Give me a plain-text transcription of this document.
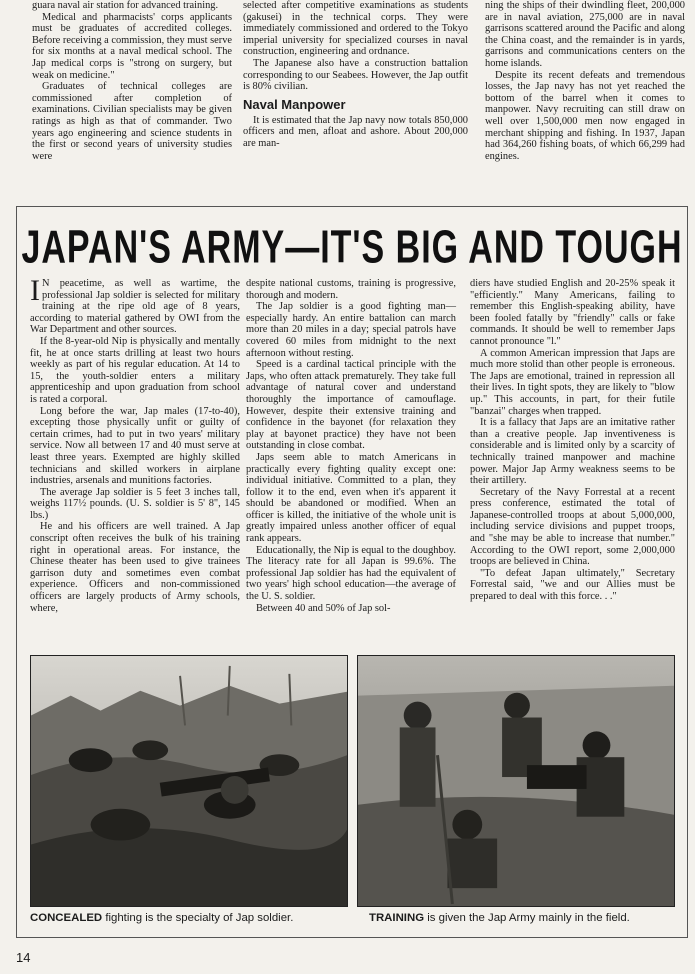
guara naval air station for advanced training.

Medical and pharmacists' corps applicants must be graduates of accredited colleges. Before receiving a commission, they must serve for six months at a naval medical school. The Jap medical corps is "strong on surgery, but weak on medicine."

Graduates of technical colleges are commissioned after completion of examinations. Civilian specialists may be given ratings as high as that of commander. Two years ago engineering and science students in the first or second years of university studies were

selected after competitive examinations as students (gakusei) in the technical corps. They were immediately commissioned and ordered to the Tokyo imperial university for specialized courses in naval construction, engineering and ordnance.

The Japanese also have a construction battalion corresponding to our Seabees. However, the Jap outfit is 80% civilian.

Naval Manpower

It is estimated that the Jap navy now totals 850,000 officers and men, afloat and ashore. About 200,000 are man-

ning the ships of their dwindling fleet, 200,000 are in naval aviation, 275,000 are in naval garrisons scattered around the Pacific and along the China coast, and the remainder is in yards, garrisons and communications centers on the home islands.

Despite its recent defeats and tremendous losses, the Jap navy has not yet reached the bottom of the barrel when it comes to manpower. Navy recruiting can still draw on well over 1,500,000 men now engaged in merchant shipping and fishing. In 1937, Japan had 364,260 fishing boats, of which 66,299 had engines.

JAPAN'S ARMY—IT'S BIG AND TOUGH

I N peacetime, as well as wartime, the professional Jap soldier is selected for military training at the ripe old age of 8 years, according to material gathered by OWI from the War Department and other sources.

If the 8-year-old Nip is physically and mentally fit, he at once starts drilling at least two hours weekly as part of his regular education. At 14 to 15, the youth-soldier enters a military apprenticeship and upon graduation from school is rated a corporal.

Long before the war, Jap males (17-to-40), excepting those physically unfit or guilty of certain crimes, had to put in two years' military service. Now all between 17 and 40 must serve at least three years. Exempted are highly skilled technicians and skilled workers in airplane industries, arsenals and munitions factories.

The average Jap soldier is 5 feet 3 inches tall, weighs 117½ pounds. (U. S. soldier is 5' 8", 145 lbs.)

He and his officers are well trained. A Jap conscript often receives the bulk of his training right in operational areas. For instance, the Chinese theater has been used to give trainees garrison duty and sometimes even combat experience. Officers and non-commissioned officers are largely products of Army schools, where,

despite national customs, training is progressive, thorough and modern.

The Jap soldier is a good fighting man—especially hardy. An entire battalion can march more than 20 miles in a day; special patrols have covered 60 miles from midnight to the next afternoon without resting.

Speed is a cardinal tactical principle with the Japs, who often attack prematurely. They take full advantage of natural cover and understand thoroughly the importance of camouflage. However, despite their extensive training and confidence in the bayonet (for relaxation they play at bayonet practice) they have not been outstanding in close combat.

Japs seem able to match Americans in practically every fighting quality except one: individual initiative. Committed to a plan, they follow it to the end, even when it's apparent it should be abandoned or modified. When an officer is killed, the initiative of the whole unit is greatly impaired unless another officer of equal rank appears.

Educationally, the Nip is equal to the doughboy. The literacy rate for all Japan is 99.6%. The professional Jap soldier has had the equivalent of two years' high school education—the average of the U. S. soldier.

Between 40 and 50% of Jap sol-

diers have studied English and 20-25% speak it "efficiently." Many Americans, failing to remember this English-speaking ability, have been fooled fatally by "friendly" calls or fake commands. It should be well to remember Japs cannot pronounce "l."

A common American impression that Japs are much more stolid than other people is erroneous. The Japs are emotional, trained in repression all their lives. In tight spots, they are likely to "blow up." This accounts, in part, for their futile "banzai" charges when trapped.

It is a fallacy that Japs are an imitative rather than a creative people. Jap inventiveness is considerable and is limited only by a scarcity of technically trained manpower and machine power. Major Jap Army weakness seems to be their artillery.

Secretary of the Navy Forrestal at a recent press conference, estimated the total of Japanese-controlled troops at about 5,000,000, including service divisions and puppet troops, and "she may be able to increase that number." According to the OWI report, some 2,000,000 troops are believed in China.

"To defeat Japan ultimately," Secretary Forrestal said, "we and our Allies must be prepared to deal with this force. . ."

CONCEALED fighting is the specialty of Jap soldier.	TRAINING is given the Jap Army mainly in the field.
14
